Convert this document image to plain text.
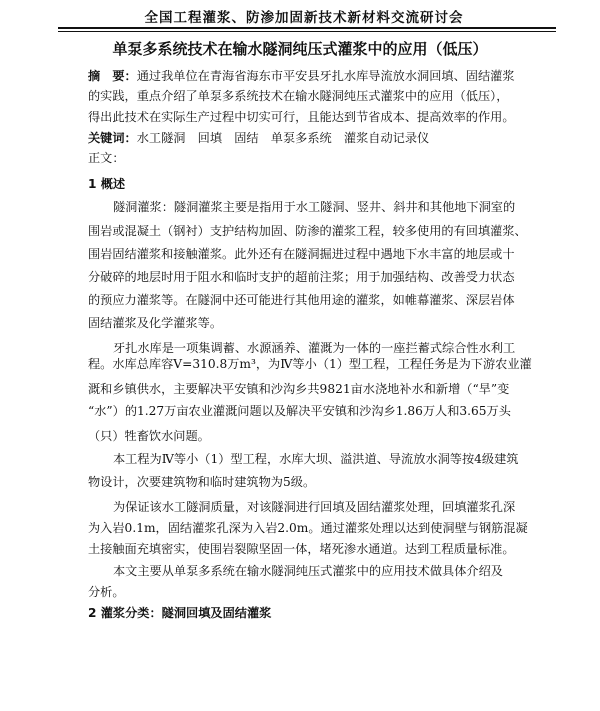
全国工程灌浆、防渗加固新技术新材料交流研讨会
单泵多系统技术在输水隧洞纯压式灌浆中的应用（低压）
摘　要：通过我单位在青海省海东市平安县牙扎水库导流放水洞回填、固结灌浆
的实践，重点介绍了单泵多系统技术在输水隧洞纯压式灌浆中的应用（低压），
得出此技术在实际生产过程中切实可行，且能达到节省成本、提高效率的作用。
关键词：水工隧洞　回填　固结　单泵多系统　灌浆自动记录仪
正文：
1 概述
隧洞灌浆：隧洞灌浆主要是指用于水工隧洞、竖井、斜井和其他地下洞室的
围岩或混凝土（钢衬）支护结构加固、防渗的灌浆工程，较多使用的有回填灌浆、
围岩固结灌浆和接触灌浆。此外还有在隧洞掘进过程中遇地下水丰富的地层或十
分破碎的地层时用于阻水和临时支护的超前注浆；用于加强结构、改善受力状态
的预应力灌浆等。在隧洞中还可能进行其他用途的灌浆，如帷幕灌浆、深层岩体
固结灌浆及化学灌浆等。
牙扎水库是一项集调蓄、水源涵养、灌溉为一体的一座拦蓄式综合性水利工
程。水库总库容V=310.8万m³，为Ⅳ等小（1）型工程，工程任务是为下游农业灌
溉和乡镇供水，主要解决平安镇和沙沟乡共9821亩水浇地补水和新增（“旱”变
“水”）的1.27万亩农业灌溉问题以及解决平安镇和沙沟乡1.86万人和3.65万头
（只）牲畜饮水问题。
本工程为Ⅳ等小（1）型工程，水库大坝、溢洪道、导流放水洞等按4级建筑
物设计，次要建筑物和临时建筑物为5级。
为保证该水工隧洞质量，对该隧洞进行回填及固结灌浆处理，回填灌浆孔深
为入岩0.1m，固结灌浆孔深为入岩2.0m。通过灌浆处理以达到使洞壁与钢筋混凝
土接触面充填密实，使围岩裂隙坚固一体，堵死渗水通道。达到工程质量标准。
本文主要从单泵多系统在输水隧洞纯压式灌浆中的应用技术做具体介绍及
分析。
2 灌浆分类：隧洞回填及固结灌浆
